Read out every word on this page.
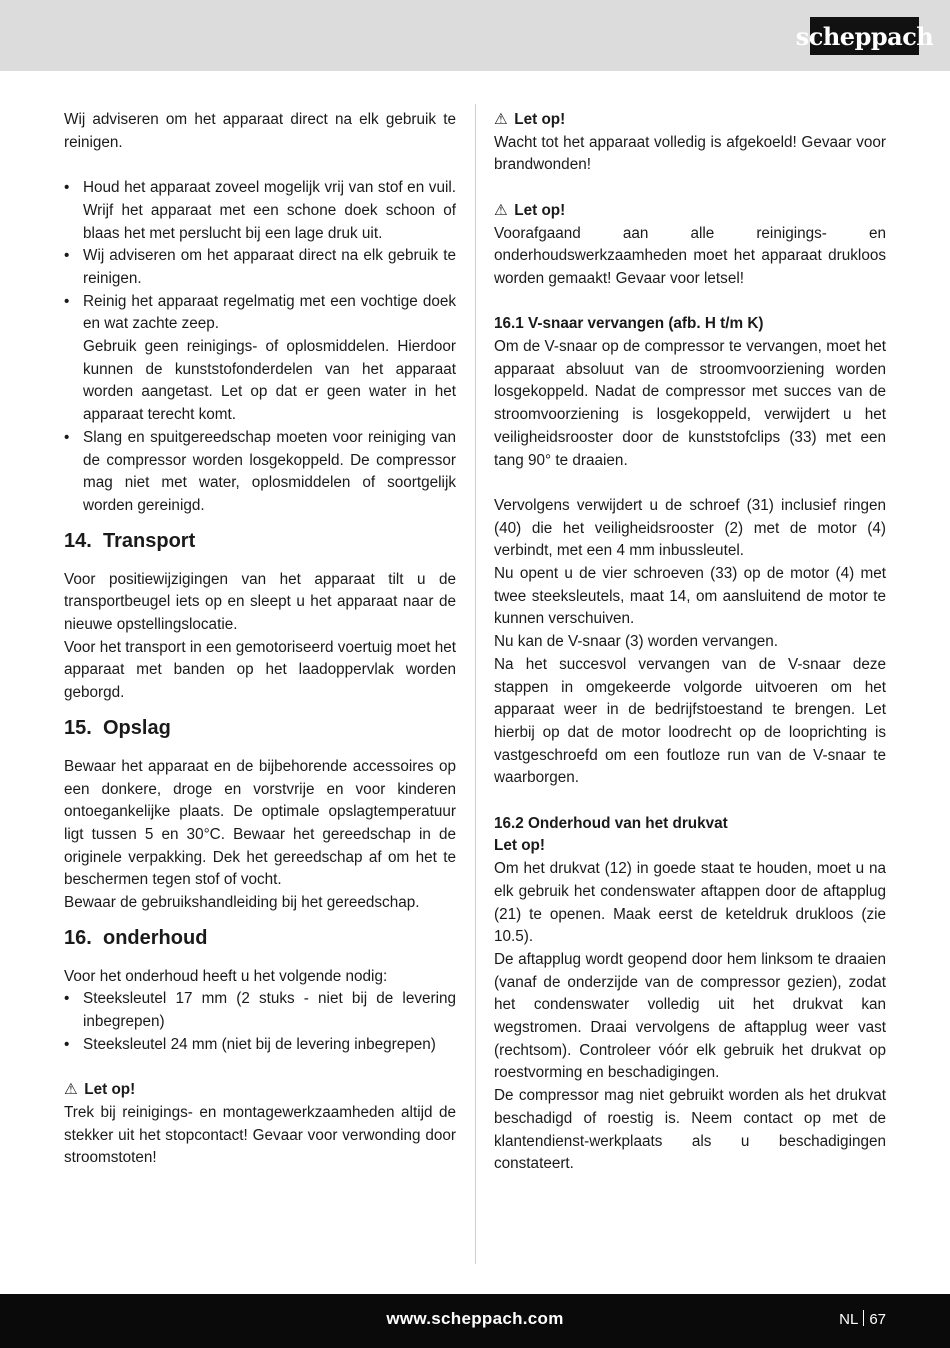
scheppach

Wij adviseren om het apparaat direct na elk gebruik te reinigen.

• Houd het apparaat zoveel mogelijk vrij van stof en vuil. Wrijf het apparaat met een schone doek schoon of blaas het met perslucht bij een lage druk uit.
• Wij adviseren om het apparaat direct na elk gebruik te reinigen.
• Reinig het apparaat regelmatig met een vochtige doek en wat zachte zeep.
Gebruik geen reinigings- of oplosmiddelen. Hierdoor kunnen de kunststofonderdelen van het apparaat worden aangetast. Let op dat er geen water in het apparaat terecht komt.
• Slang en spuitgereedschap moeten voor reiniging van de compressor worden losgekoppeld. De compressor mag niet met water, oplosmiddelen of soortgelijk worden gereinigd.
14. Transport

Voor positiewijzigingen van het apparaat tilt u de transportbeugel iets op en sleept u het apparaat naar de nieuwe opstellingslocatie.

Voor het transport in een gemotoriseerd voertuig moet het apparaat met banden op het laadoppervlak worden geborgd.

15. Opslag

Bewaar het apparaat en de bijbehorende accessoires op een donkere, droge en vorstvrije en voor kinderen ontoegankelijke plaats. De optimale opslagtemperatuur ligt tussen 5 en 30°C. Bewaar het gereedschap in de originele verpakking. Dek het gereedschap af om het te beschermen tegen stof of vocht.

Bewaar de gebruikshandleiding bij het gereedschap.

16. onderhoud

Voor het onderhoud heeft u het volgende nodig:

• Steeksleutel 17 mm (2 stuks - niet bij de levering inbegrepen)
• Steeksleutel 24 mm (niet bij de levering inbegrepen)

⚠ Let op!

Trek bij reinigings- en montagewerkzaamheden altijd de stekker uit het stopcontact! Gevaar voor verwonding door stroomstoten!

⚠ Let op!

Wacht tot het apparaat volledig is afgekoeld! Gevaar voor brandwonden!

⚠ Let op!

Voorafgaand aan alle reinigings- en onderhoudswerkzaamheden moet het apparaat drukloos worden gemaakt! Gevaar voor letsel!

16.1 V-snaar vervangen (afb. H t/m K)

Om de V-snaar op de compressor te vervangen, moet het apparaat absoluut van de stroomvoorziening worden losgekoppeld. Nadat de compressor met succes van de stroomvoorziening is losgekoppeld, verwijdert u het veiligheidsrooster door de kunststofclips (33) met een tang 90° te draaien.

Vervolgens verwijdert u de schroef (31) inclusief ringen (40) die het veiligheidsrooster (2) met de motor (4) verbindt, met een 4 mm inbussleutel.

Nu opent u de vier schroeven (33) op de motor (4) met twee steeksleutels, maat 14, om aansluitend de motor te kunnen verschuiven.

Nu kan de V-snaar (3) worden vervangen.

Na het succesvol vervangen van de V-snaar deze stappen in omgekeerde volgorde uitvoeren om het apparaat weer in de bedrijfstoestand te brengen. Let hierbij op dat de motor loodrecht op de looprichting is vastgeschroefd om een foutloze run van de V-snaar te waarborgen.

16.2 Onderhoud van het drukvat

Let op!

Om het drukvat (12) in goede staat te houden, moet u na elk gebruik het condenswater aftappen door de aftapplug (21) te openen. Maak eerst de keteldruk drukloos (zie 10.5).

De aftapplug wordt geopend door hem linksom te draaien (vanaf de onderzijde van de compressor gezien), zodat het condenswater volledig uit het drukvat kan wegstromen. Draai vervolgens de aftapplug weer vast (rechtsom). Controleer vóór elk gebruik het drukvat op roestvorming en beschadigingen.

De compressor mag niet gebruikt worden als het drukvat beschadigd of roestig is. Neem contact op met de klantendienst-werkplaats als u beschadigingen constateert.

www.scheppach.com	NL 67
